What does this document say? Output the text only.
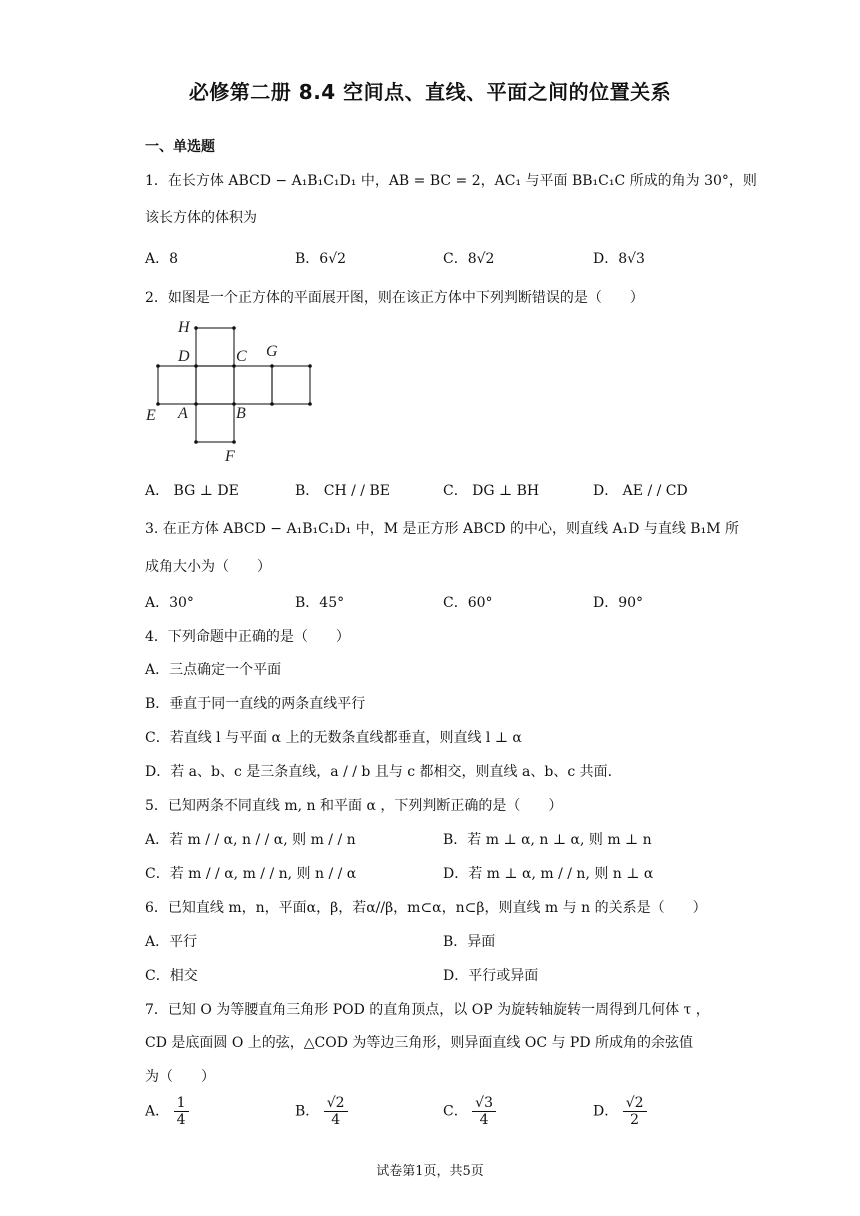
必修第二册 8.4 空间点、直线、平面之间的位置关系
一、单选题
1．在长方体 ABCD − A₁B₁C₁D₁ 中，AB = BC = 2，AC₁ 与平面 BB₁C₁C 所成的角为 30°，则
该长方体的体积为
A．8	B．6√2	C．8√2	D．8√3
2．如图是一个正方体的平面展开图，则在该正方体中下列判断错误的是（　　）
H
D	C G
E A	B
F
A． BG ⊥ DE	B． CH / / BE	C． DG ⊥ BH	D． AE / / CD
3. 在正方体 ABCD − A₁B₁C₁D₁ 中，M 是正方形 ABCD 的中心，则直线 A₁D 与直线 B₁M 所
成角大小为（　　）
A．30°	B．45°	C．60°	D．90°
4．下列命题中正确的是（　　）
A．三点确定一个平面
B．垂直于同一直线的两条直线平行
C．若直线 l 与平面 α 上的无数条直线都垂直，则直线 l ⊥ α
D．若 a、b、c 是三条直线，a / / b 且与 c 都相交，则直线 a、b、c 共面.
5．已知两条不同直线 m, n 和平面 α ，下列判断正确的是（　　）
A．若 m / / α, n / / α, 则 m / / n	B．若 m ⊥ α, n ⊥ α, 则 m ⊥ n
C．若 m / / α, m / / n, 则 n / / α	D．若 m ⊥ α, m / / n, 则 n ⊥ α
6．已知直线 m，n，平面α，β，若α//β，m⊂α，n⊂β，则直线 m 与 n 的关系是（　　）
A．平行	B．异面
C．相交	D．平行或异面
7．已知 O 为等腰直角三角形 POD 的直角顶点，以 OP 为旋转轴旋转一周得到几何体 τ ，
CD 是底面圆 O 上的弦，△COD 为等边三角形，则异面直线 OC 与 PD 所成角的余弦值
为（　　）
A． $\frac{1}{4}$	B． $\frac{√2}{4}$	C． $\frac{√3}{4}$	D． $\frac{√2}{2}$
试卷第1页，共5页
